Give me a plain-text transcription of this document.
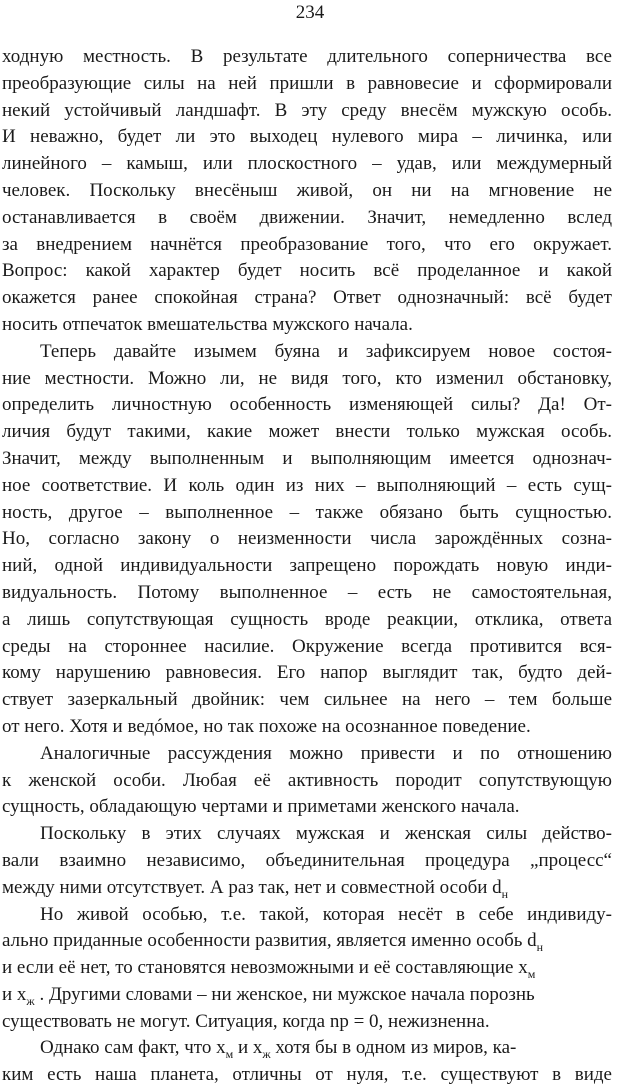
234
ходную местность. В результате длительного соперничества все
преобразующие силы на ней пришли в равновесие и сформировали
некий устойчивый ландшафт. В эту среду внесём мужскую особь.
И неважно, будет ли это выходец нулевого мира – личинка, или
линейного – камыш, или плоскостного – удав, или междумерный
человек. Поскольку внесёныш живой, он ни на мгновение не
останавливается в своём движении. Значит, немедленно вслед
за внедрением начнётся преобразование того, что его окружает.
Вопрос: какой характер будет носить всё проделанное и какой
окажется ранее спокойная страна? Ответ однозначный: всё будет
носить отпечаток вмешательства мужского начала.
Теперь давайте изымем буяна и зафиксируем новое состоя-
ние местности. Можно ли, не видя того, кто изменил обстановку,
определить личностную особенность изменяющей силы? Да! От-
личия будут такими, какие может внести только мужская особь.
Значит, между выполненным и выполняющим имеется однознач-
ное соответствие. И коль один из них – выполняющий – есть сущ-
ность, другое – выполненное – также обязано быть сущностью.
Но, согласно закону о неизменности числа зарождённых созна-
ний, одной индивидуальности запрещено порождать новую инди-
видуальность. Потому выполненное – есть не самостоятельная,
а лишь сопутствующая сущность вроде реакции, отклика, ответа
среды на стороннее насилие. Окружение всегда противится вся-
кому нарушению равновесия. Его напор выглядит так, будто дей-
ствует зазеркальный двойник: чем сильнее на него – тем больше
от него. Хотя и ведóмое, но так похоже на осознанное поведение.
Аналогичные рассуждения можно привести и по отношению
к женской особи. Любая её активность породит сопутствующую
сущность, обладающую чертами и приметами женского начала.
Поскольку в этих случаях мужская и женская силы действо-
вали взаимно независимо, объединительная процедура „процесс“
между ними отсутствует. А раз так, нет и совместной особи $d_н$
Но живой особью, т.е. такой, которая несёт в себе индивиду-
ально приданные особенности развития, является именно особь $d_н$
и если её нет, то становятся невозможными и её составляющие $x_м$
и $x_ж$ . Другими словами – ни женское, ни мужское начала порознь
существовать не могут. Ситуация, когда np = 0, нежизненна.
Однако сам факт, что $x_м$ и $x_ж$ хотя бы в одном из миров, ка-
ким есть наша планета, отличны от нуля, т.е. существуют в виде
